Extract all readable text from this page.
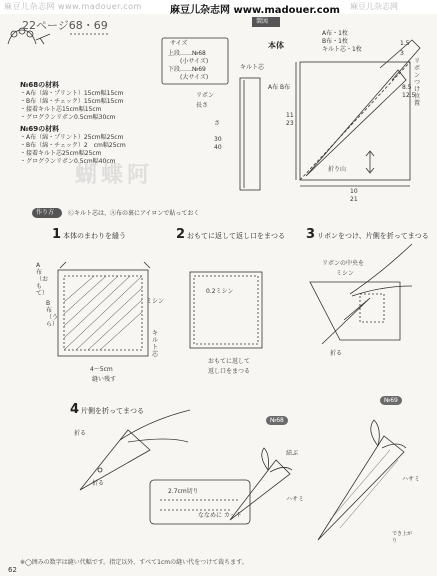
麻豆儿杂志网 www.madouer.com	麻豆儿杂志网 www.madouer.com 麻豆儿杂志网
22ページ68・69
サイズ
上段……№68
(小サイズ)
下段……№69
(大サイズ)
№68の材料
・A布（綿・プリント）15cm幅15cm
・B布（綿・チェック）15cm幅15cm
・接着キルト芯15cm幅15cm
・グログランリボン0.5cm幅30cm
№69の材料
・A布（綿・プリント）25cm幅25cm
・B布（綿・チェック）2　cm幅25cm
・接着キルト芯25cm幅25cm
・グログランリボン0.5cm幅40cm
リボン
長さ
さ
30
40
キルト芯
蝴蝶阿
製図
本体
A布・1枚
B布・1枚
キルト芯・1枚
A布 B布
1.5
3
8.5
12.5
リボンつけ位置
11
23
10
21
折り山
作り方 Ⓒキルト芯は、Ⓐ布の裏にアイロンで貼っておく
1 本体のまわりを縫う	2 おもてに返して返し口をまつる 3 リボンをつけ、片側を折ってまつる
4 片側を折ってまつる
A布（おもて）
B布（うら）
キルト芯
ミシン
4〜5cm
縫い残す
0.2ミシン
おもてに返して
返し口をまつる
リボンの中央を
ミシン
折る
折る
折る
2.7cm切り
ななめに カット
結ぶ
ハサミ
ハサミ
№68
№69
でき上がり
※◯囲みの数字は縫い代幅です。指定以外、すべて1cmの縫い代をつけて裁ちます。
62
